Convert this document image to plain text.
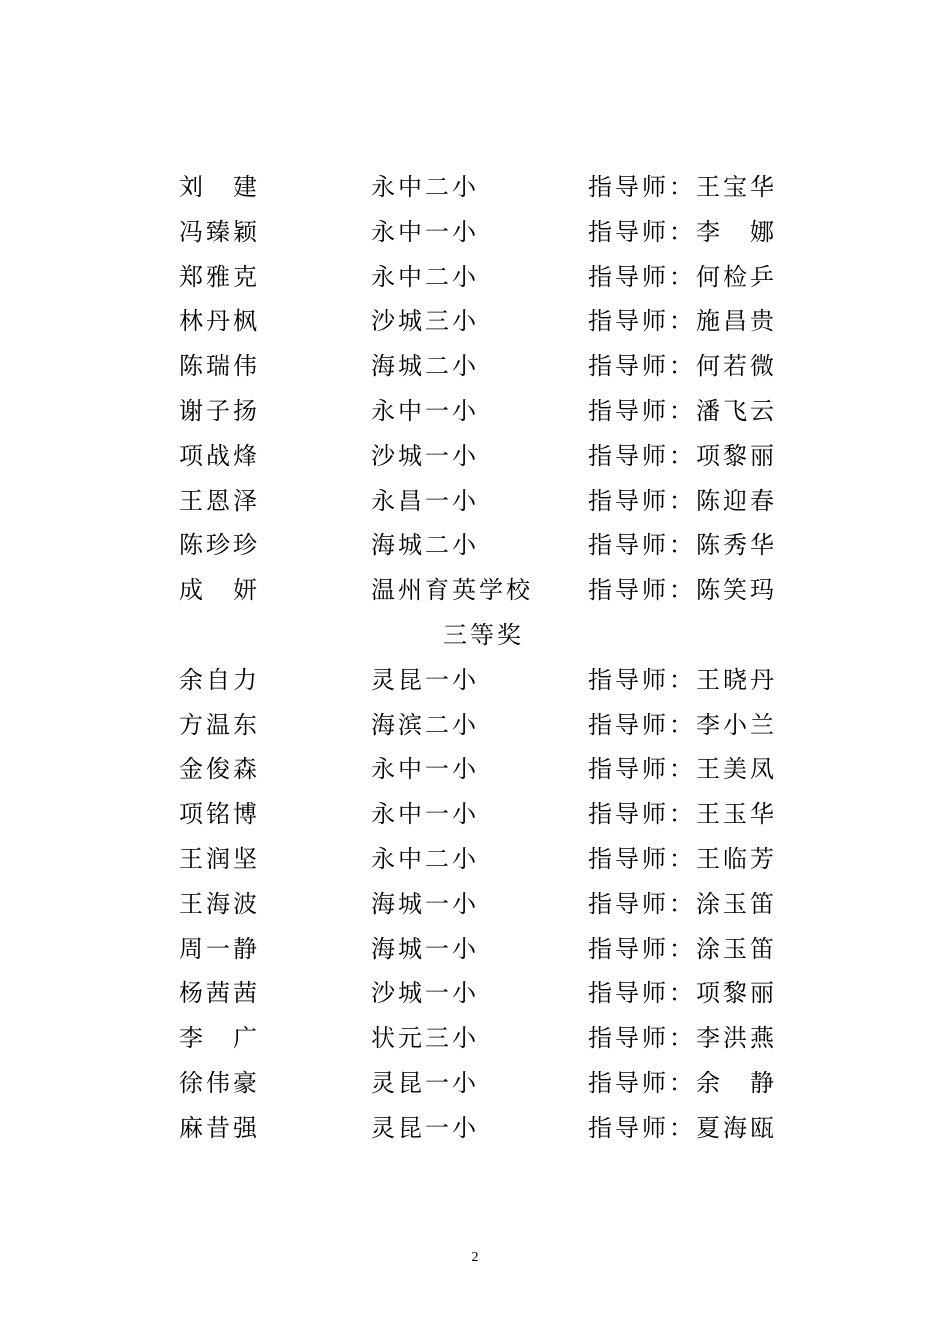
刘　建	永中二小	指导师：王宝华
冯臻颖	永中一小	指导师：李　娜
郑雅克	永中二小	指导师：何检乒
林丹枫	沙城三小	指导师：施昌贵
陈瑞伟	海城二小	指导师：何若微
谢子扬	永中一小	指导师：潘飞云
项战烽	沙城一小	指导师：项黎丽
王恩泽	永昌一小	指导师：陈迎春
陈珍珍	海城二小	指导师：陈秀华
成　妍	温州育英学校 指导师：陈笑玛
三等奖
余自力	灵昆一小	指导师：王晓丹
方温东	海滨二小	指导师：李小兰
金俊森	永中一小	指导师：王美凤
项铭博	永中一小	指导师：王玉华
王润坚	永中二小	指导师：王临芳
王海波	海城一小	指导师：涂玉笛
周一静	海城一小	指导师：涂玉笛
杨茜茜	沙城一小	指导师：项黎丽
李　广	状元三小	指导师：李洪燕
徐伟豪	灵昆一小	指导师：余　静
麻昔强	灵昆一小	指导师：夏海瓯
2
